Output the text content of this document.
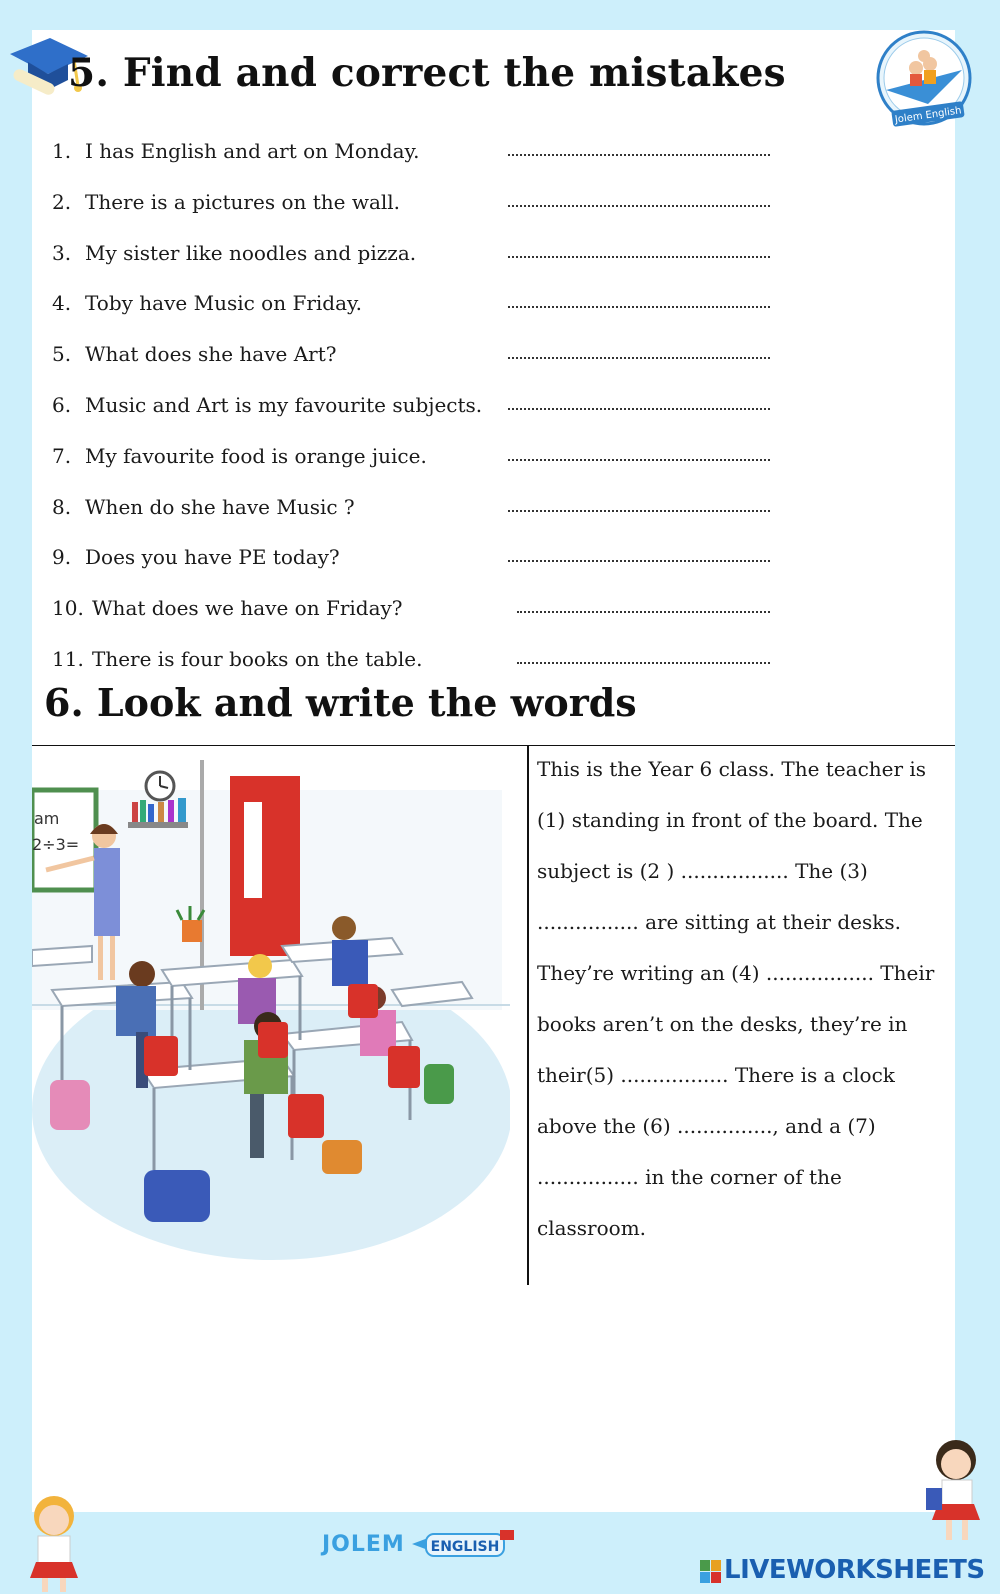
Jolem English
5. Find and correct the mistakes
1. I has English and art on Monday.
2. There is a pictures on the wall.
3. My sister like noodles and pizza.
4. Toby have Music on Friday.
5. What does she have Art?
6. Music and Art is my favourite subjects.
7. My favourite food is orange juice.
8. When do she have Music ?
9. Does you have PE today?
10. What does we have on Friday?
11. There is four books on the table.
6. Look and write the words
am
2÷3=
This is the Year 6 class. The teacher is
(1) standing in front of the board. The
subject is (2 ) ................. The (3)
................ are sitting at their desks.
They’re writing an (4) ................. Their
books aren’t on the desks, they’re in
their(5) ................. There is a clock
above the (6) ..............., and a (7)
................ in the corner of the
classroom.
JOLEM ENGLISH
LIVEWORKSHEETS
